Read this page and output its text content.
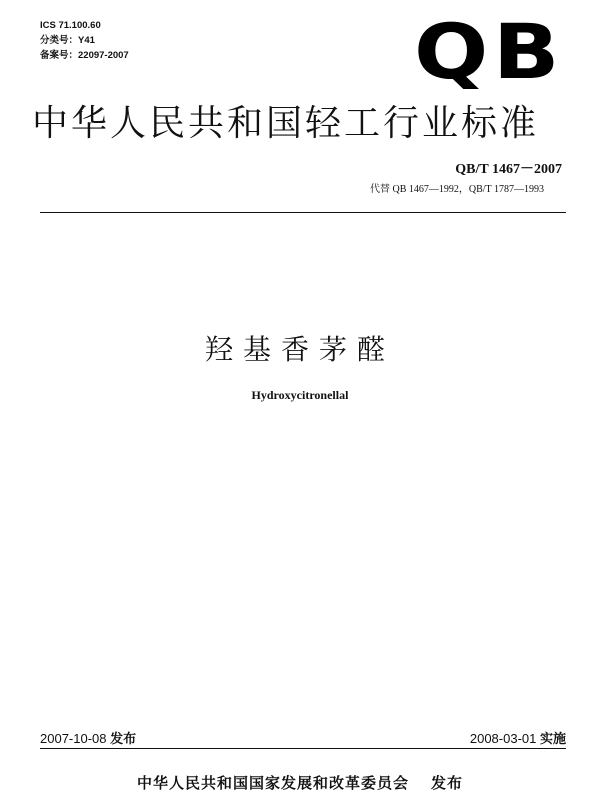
ICS 71.100.60
分类号：Y41
备案号：22097-2007	QB
中华人民共和国轻工行业标准
QB/T 1467－2007
代替 QB 1467—1992，QB/T 1787—1993
羟基香茅醛
Hydroxycitronellal
2007-10-08 发布	2008-03-01 实施
中华人民共和国国家发展和改革委员会 发布
